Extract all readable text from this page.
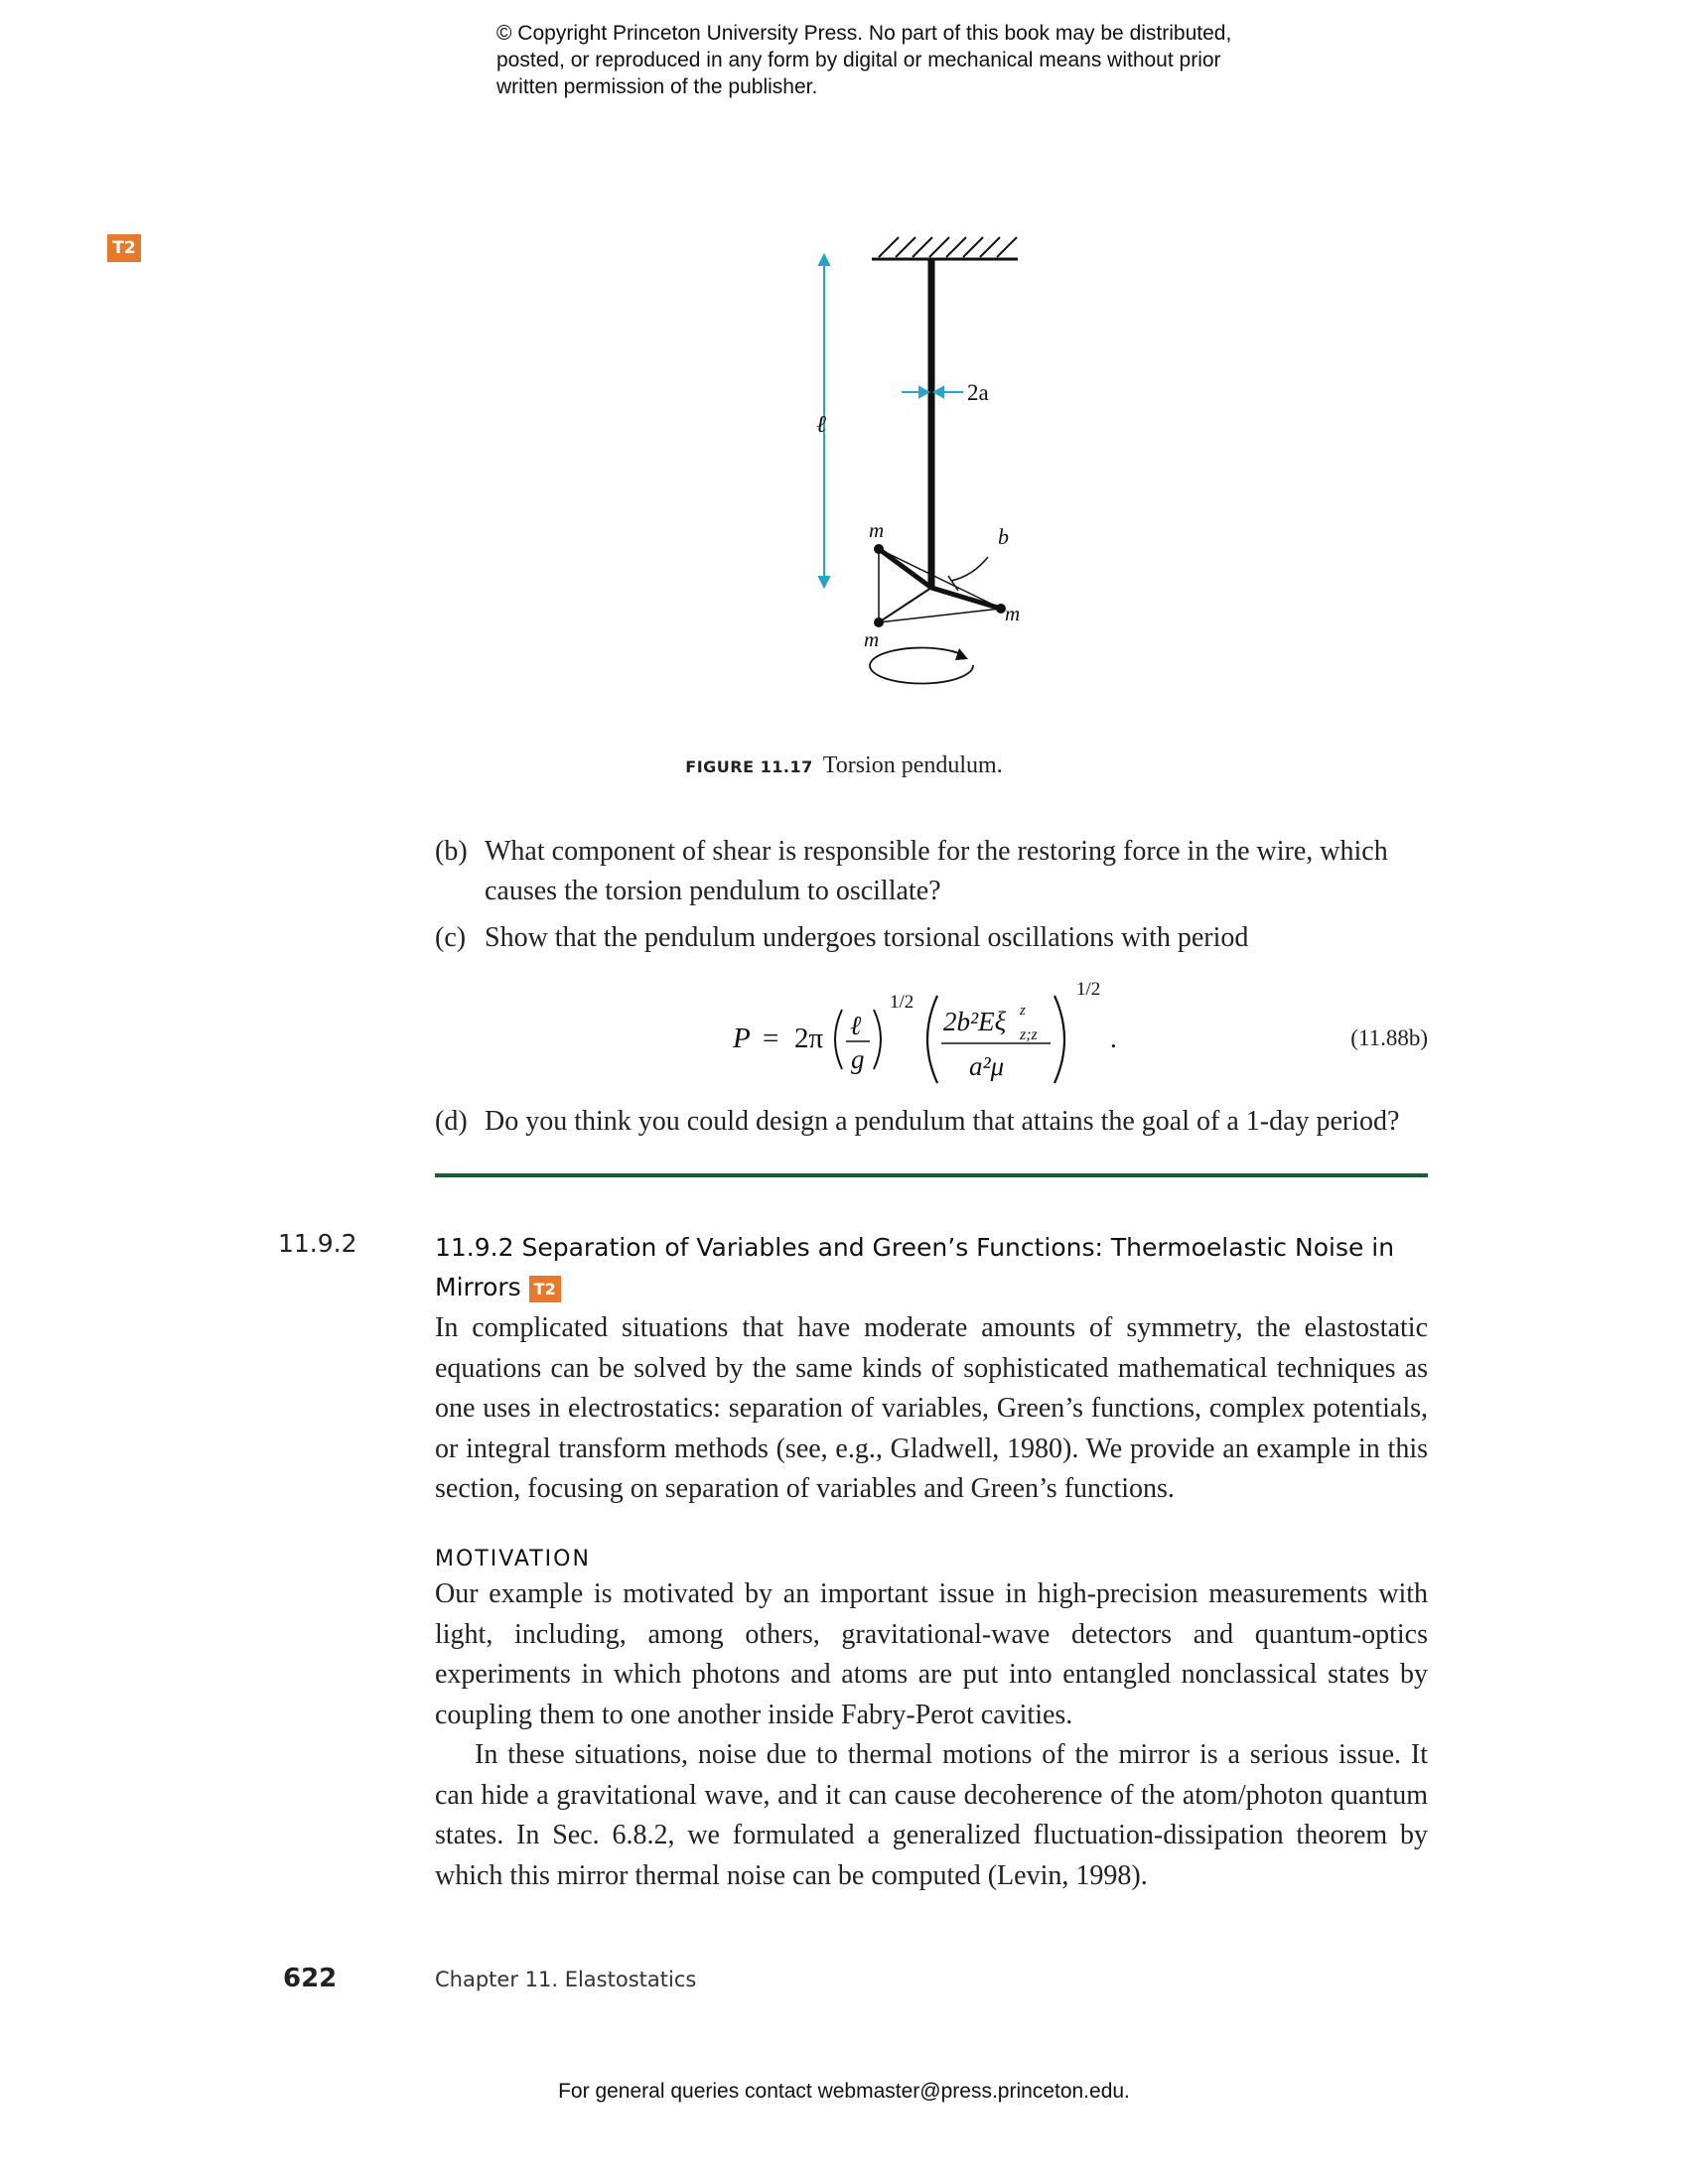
© Copyright Princeton University Press. No part of this book may be distributed, posted, or reproduced in any form by digital or mechanical means without prior written permission of the publisher.
T2
ℓ
2a
m
m
m
b
FIGURE 11.17 Torsion pendulum.
(b) What component of shear is responsible for the restoring force in the wire, which causes the torsion pendulum to oscillate?
(c) Show that the pendulum undergoes torsional oscillations with period
P = 2π ℓ
g
1/2
2b²Eξ z
z;z
a²μ
1/2
.	(11.88b)
(d) Do you think you could design a pendulum that attains the goal of a 1-day period?
11.9.2	11.9.2 Separation of Variables and Green’s Functions: Thermoelastic Noise in Mirrors T2
In complicated situations that have moderate amounts of symmetry, the elastostatic equations can be solved by the same kinds of sophisticated mathematical techniques as one uses in electrostatics: separation of variables, Green’s functions, complex potentials, or integral transform methods (see, e.g., Gladwell, 1980). We provide an example in this section, focusing on separation of variables and Green’s functions.
MOTIVATION
Our example is motivated by an important issue in high-precision measurements with light, including, among others, gravitational-wave detectors and quantum-optics experiments in which photons and atoms are put into entangled nonclassical states by coupling them to one another inside Fabry-Perot cavities.
In these situations, noise due to thermal motions of the mirror is a serious issue. It can hide a gravitational wave, and it can cause decoherence of the atom/photon quantum states. In Sec. 6.8.2, we formulated a generalized fluctuation-dissipation theorem by which this mirror thermal noise can be computed (Levin, 1998).
622	Chapter 11. Elastostatics
For general queries contact webmaster@press.princeton.edu.
